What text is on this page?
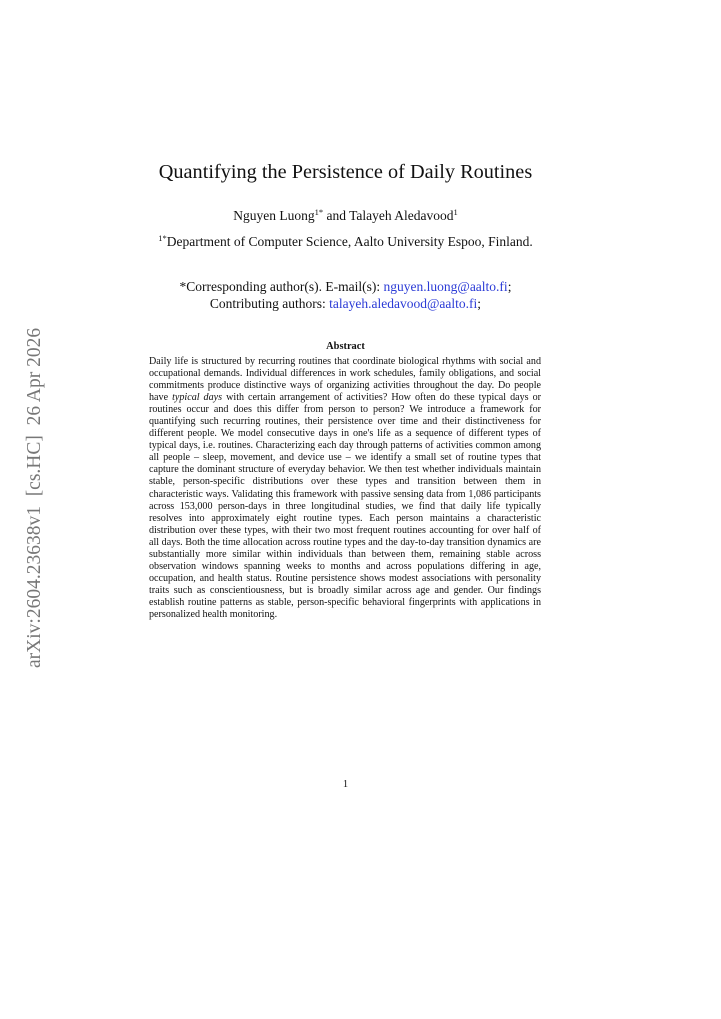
arXiv:2604.23638v1  [cs.HC]  26 Apr 2026
Quantifying the Persistence of Daily Routines
Nguyen Luong$^{1*}$ and Talayeh Aledavood$^1$
$^{1*}$Department of Computer Science, Aalto University Espoo, Finland.
*Corresponding author(s). E-mail(s): nguyen.luong@aalto.fi;
Contributing authors: talayeh.aledavood@aalto.fi;
Abstract
Daily life is structured by recurring routines that coordinate biological rhythms with social and occupational demands. Individual differences in work schedules, family obligations, and social commitments produce distinctive ways of organizing activities throughout the day. Do people have typical days with certain arrangement of activities? How often do these typical days or routines occur and does this differ from person to person? We introduce a framework for quantifying such recurring routines, their persistence over time and their distinctiveness for different people. We model consecutive days in one's life as a sequence of different types of typical days, i.e. routines. Characterizing each day through patterns of activities common among all people – sleep, movement, and device use – we identify a small set of routine types that capture the dominant structure of everyday behavior. We then test whether individuals maintain stable, person-specific distributions over these types and transition between them in characteristic ways. Validating this framework with passive sensing data from 1,086 participants across 153,000 person-days in three longitudinal studies, we find that daily life typically resolves into approximately eight routine types. Each person maintains a characteristic distribution over these types, with their two most frequent routines accounting for over half of all days. Both the time allocation across routine types and the day-to-day transition dynamics are substantially more similar within individuals than between them, remaining stable across observation windows spanning weeks to months and across populations differing in age, occupation, and health status. Routine persistence shows modest associations with personality traits such as conscientiousness, but is broadly similar across age and gender. Our findings establish routine patterns as stable, person-specific behavioral fingerprints with applications in personalized health monitoring.
1
